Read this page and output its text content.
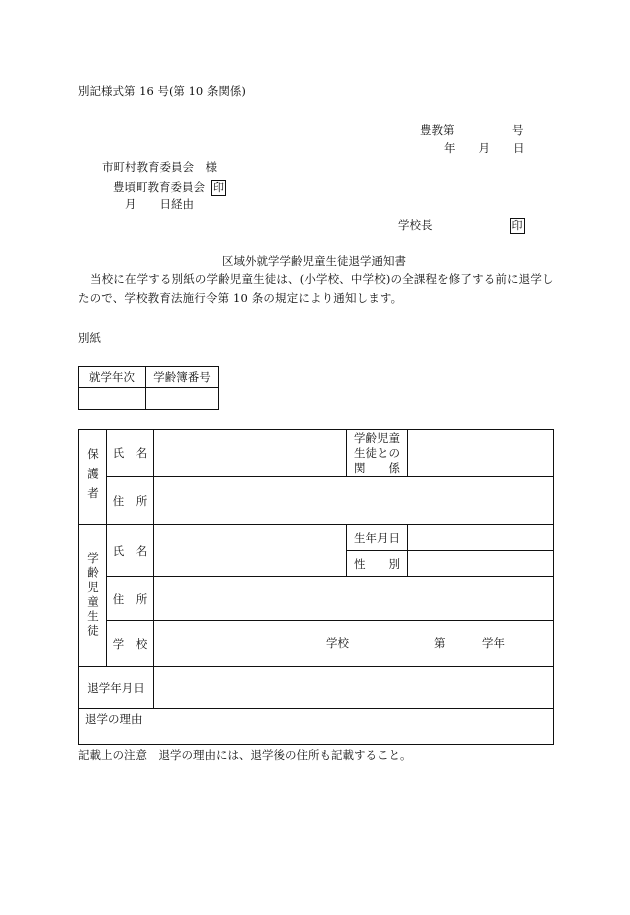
別記様式第 16 号(第 10 条関係)
豊教第　　　　　号
年　　月　　日
市町村教育委員会　様
豊頃町教育委員会 印
月　　日経由
学校長	印
区域外就学学齢児童生徒退学通知書
当校に在学する別紙の学齢児童生徒は、(小学校、中学校)の全課程を修了する前に退学したので、学校教育法施行令第 10 条の規定により通知します。
別紙
就学年次	学齢簿番号

保護者	氏　名		学齢児童
生徒との
関　　係	

	住　所			

学齢児童生徒	氏　名		生年月日	
			性　　別	
	住　所			
	学　校	学校 第 学年		

退学年月日				
退学の理由				
記載上の注意　退学の理由には、退学後の住所も記載すること。
